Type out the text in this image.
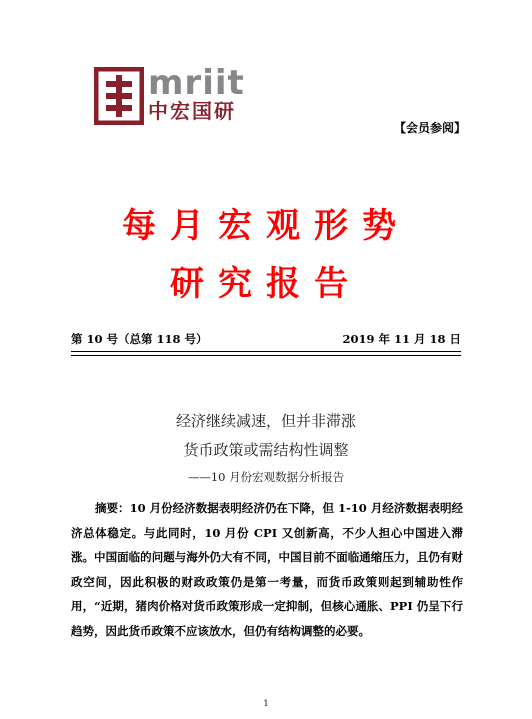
mriit
中宏国研
【会员参阅】
每月宏观形势
研究报告
第 10 号（总第 118 号）	2019 年 11 月 18 日
经济继续减速，但并非滞涨
货币政策或需结构性调整
——10 月份宏观数据分析报告
摘要：10 月份经济数据表明经济仍在下降，但 1-10 月经济数据表明经济总体稳定。与此同时，10 月份 CPI 又创新高，不少人担心中国进入滞涨。中国面临的问题与海外仍大有不同，中国目前不面临通缩压力，且仍有财政空间，因此积极的财政政策仍是第一考量，而货币政策则起到辅助性作用，“近期，猪肉价格对货币政策形成一定抑制，但核心通胀、PPI 仍呈下行趋势，因此货币政策不应该放水，但仍有结构调整的必要。
1
